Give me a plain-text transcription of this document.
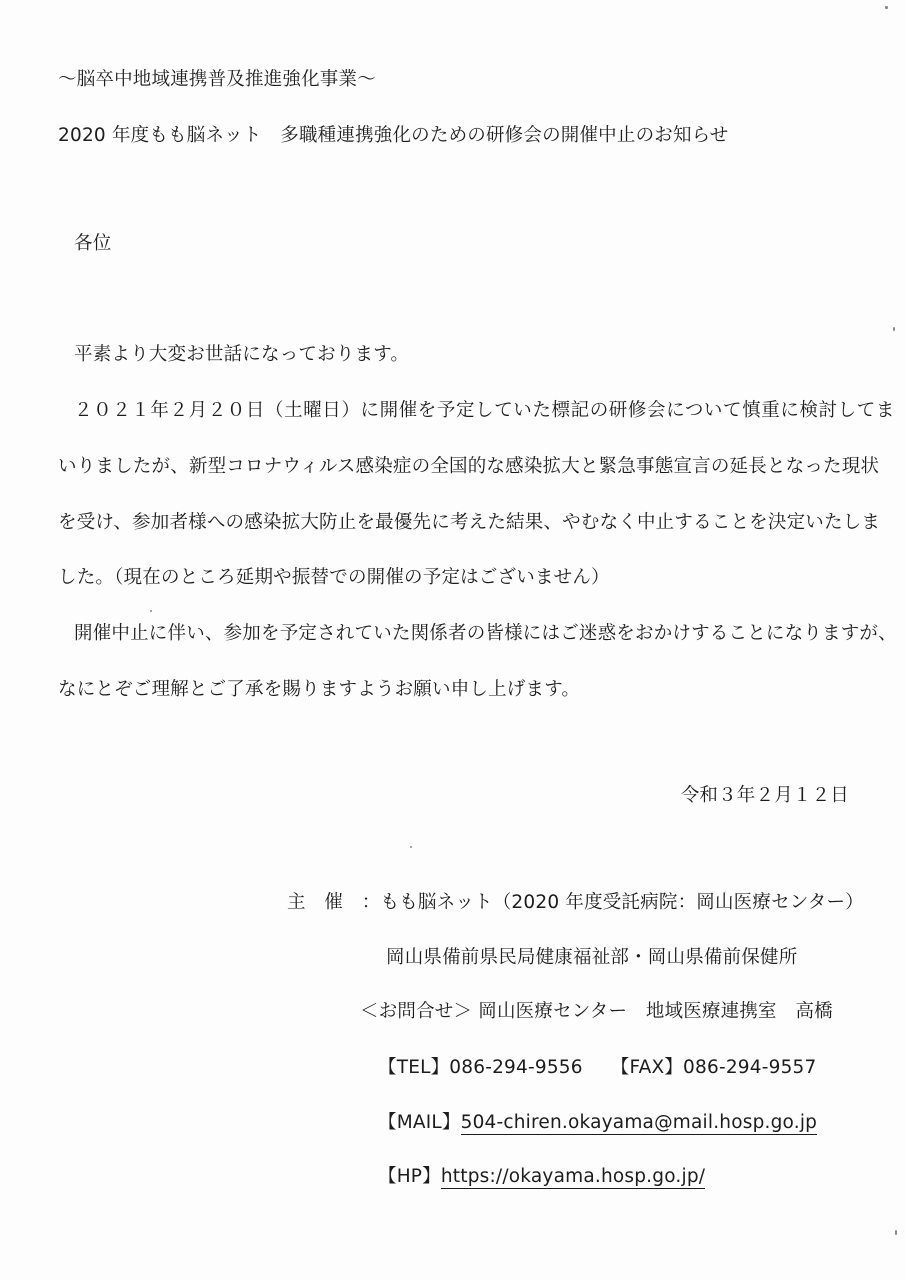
～脳卒中地域連携普及推進強化事業～
2020 年度もも脳ネット　多職種連携強化のための研修会の開催中止のお知らせ
各位
平素より大変お世話になっております。
２０２１年２月２０日（土曜日）に開催を予定していた標記の研修会について慎重に検討してま
いりましたが、新型コロナウィルス感染症の全国的な感染拡大と緊急事態宣言の延長となった現状
を受け、参加者様への感染拡大防止を最優先に考えた結果、やむなく中止することを決定いたしま
した。（現在のところ延期や振替での開催の予定はございません）
開催中止に伴い、参加を予定されていた関係者の皆様にはご迷惑をおかけすることになりますが、
なにとぞご理解とご了承を賜りますようお願い申し上げます。
令和３年２月１２日
主　催　：もも脳ネット（2020 年度受託病院：岡山医療センター）
岡山県備前県民局健康福祉部・岡山県備前保健所
＜お問合せ＞ 岡山医療センター　地域医療連携室　高橋
【TEL】086-294-9556 【FAX】086-294-9557
【MAIL】504-chiren.okayama@mail.hosp.go.jp
【HP】https://okayama.hosp.go.jp/
